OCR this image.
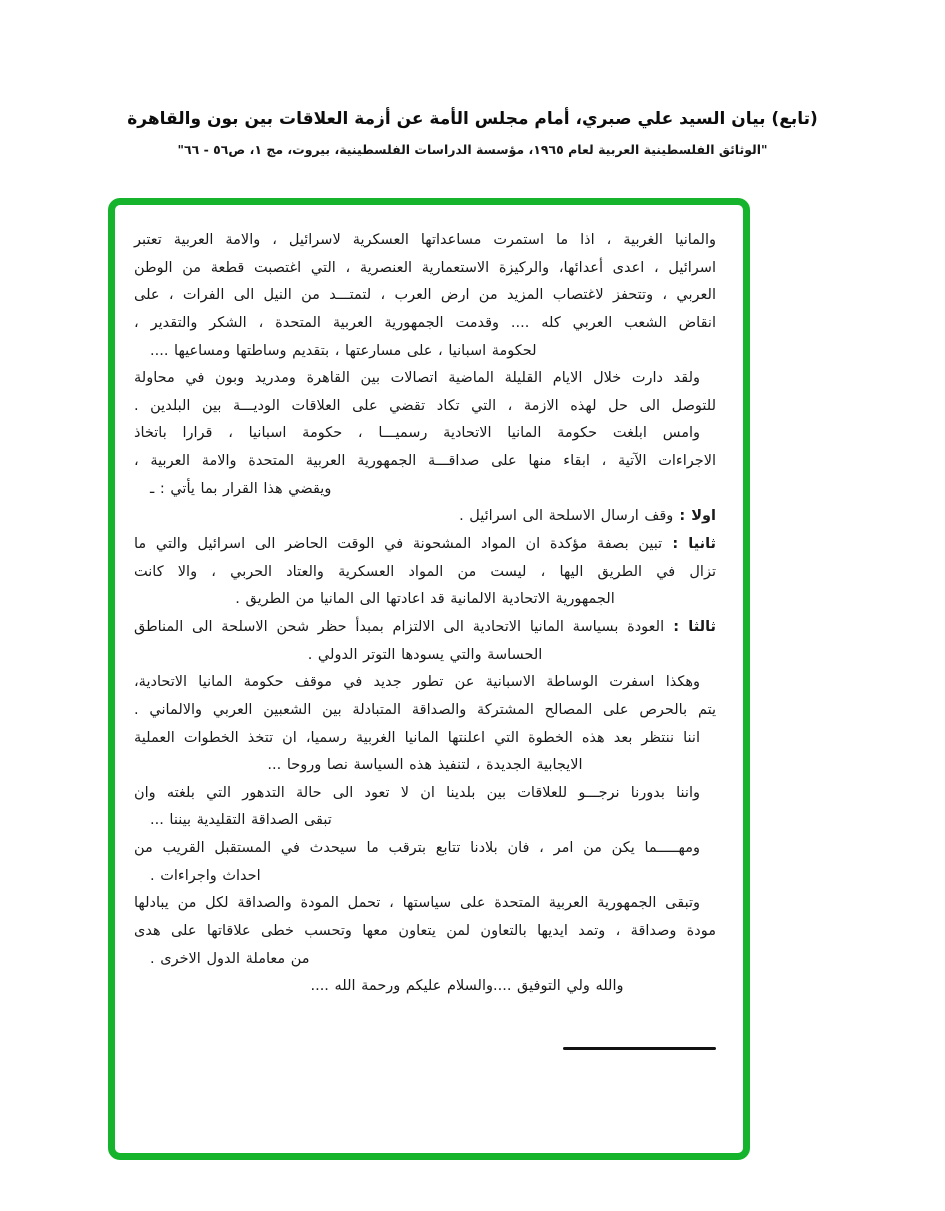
(تابع) بيان السيد علي صبري، أمام مجلس الأمة عن أزمة العلاقات بين بون والقاهرة
"الوثائق الفلسطينية العربية لعام ١٩٦٥، مؤسسة الدراسات الفلسطينية، بيروت، مج ١، ص٥٦ - ٦٦"
والمانيا الغربية ، اذا ما استمرت مساعداتها العسكرية لاسرائيل ، والامة العربية تعتبر
اسرائيل ، اعدى أعدائها، والركيزة الاستعمارية العنصرية ، التي اغتصبت قطعة من الوطن
العربي ، وتتحفز لاغتصاب المزيد من ارض العرب ، لتمتـــد من النيل الى الفرات ، على
انقاض الشعب العربي كله .... وقدمت الجمهورية العربية المتحدة ، الشكر والتقدير ،
لحكومة اسبانيا ، على مسارعتها ، بتقديم وساطتها ومساعيها ....
ولقد دارت خلال الايام القليلة الماضية اتصالات بين القاهرة ومدريد وبون في محاولة
للتوصل الى حل لهذه الازمة ، التي تكاد تقضي على العلاقات الوديـــة بين البلدين .
وامس ابلغت حكومة المانيا الاتحادية رسميـــا ، حكومة اسبانيا ، قرارا باتخاذ
الاجراءات الآتية ، ابقاء منها على صداقـــة الجمهورية العربية المتحدة والامة العربية ،
ويقضي هذا القرار بما يأتي : ـ
اولا : وقف ارسال الاسلحة الى اسرائيل .
ثانيا : تبين بصفة مؤكدة ان المواد المشحونة في الوقت الحاضر الى اسرائيل والتي ما
تزال في الطريق اليها ، ليست من المواد العسكرية والعتاد الحربي ، والا كانت
الجمهورية الاتحادية الالمانية قد اعادتها الى المانيا من الطريق .
ثالثا : العودة بسياسة المانيا الاتحادية الى الالتزام بمبدأ حظر شحن الاسلحة الى المناطق
الحساسة والتي يسودها التوتر الدولي .
وهكذا اسفرت الوساطة الاسبانية عن تطور جديد في موقف حكومة المانيا الاتحادية،
يتم بالحرص على المصالح المشتركة والصداقة المتبادلة بين الشعبين العربي والالماني .
اننا ننتظر بعد هذه الخطوة التي اعلنتها المانيا الغربية رسميا، ان تتخذ الخطوات العملية
الايجابية الجديدة ، لتنفيذ هذه السياسة نصا وروحا ...
واننا بدورنا نرجـــو للعلاقات بين بلدينا ان لا تعود الى حالة التدهور التي بلغته وان
تبقى الصداقة التقليدية بيننا ...
ومهـــــما يكن من امر ، فان بلادنا تتابع بترقب ما سيحدث في المستقبل القريب من
احداث واجراءات .
وتبقى الجمهورية العربية المتحدة على سياستها ، تحمل المودة والصداقة لكل من يبادلها
مودة وصداقة ، وتمد ايديها بالتعاون لمن يتعاون معها وتحسب خطى علاقاتها على هدى
من معاملة الدول الاخرى .
والله ولي التوفيق ....والسلام عليكم ورحمة الله ....
